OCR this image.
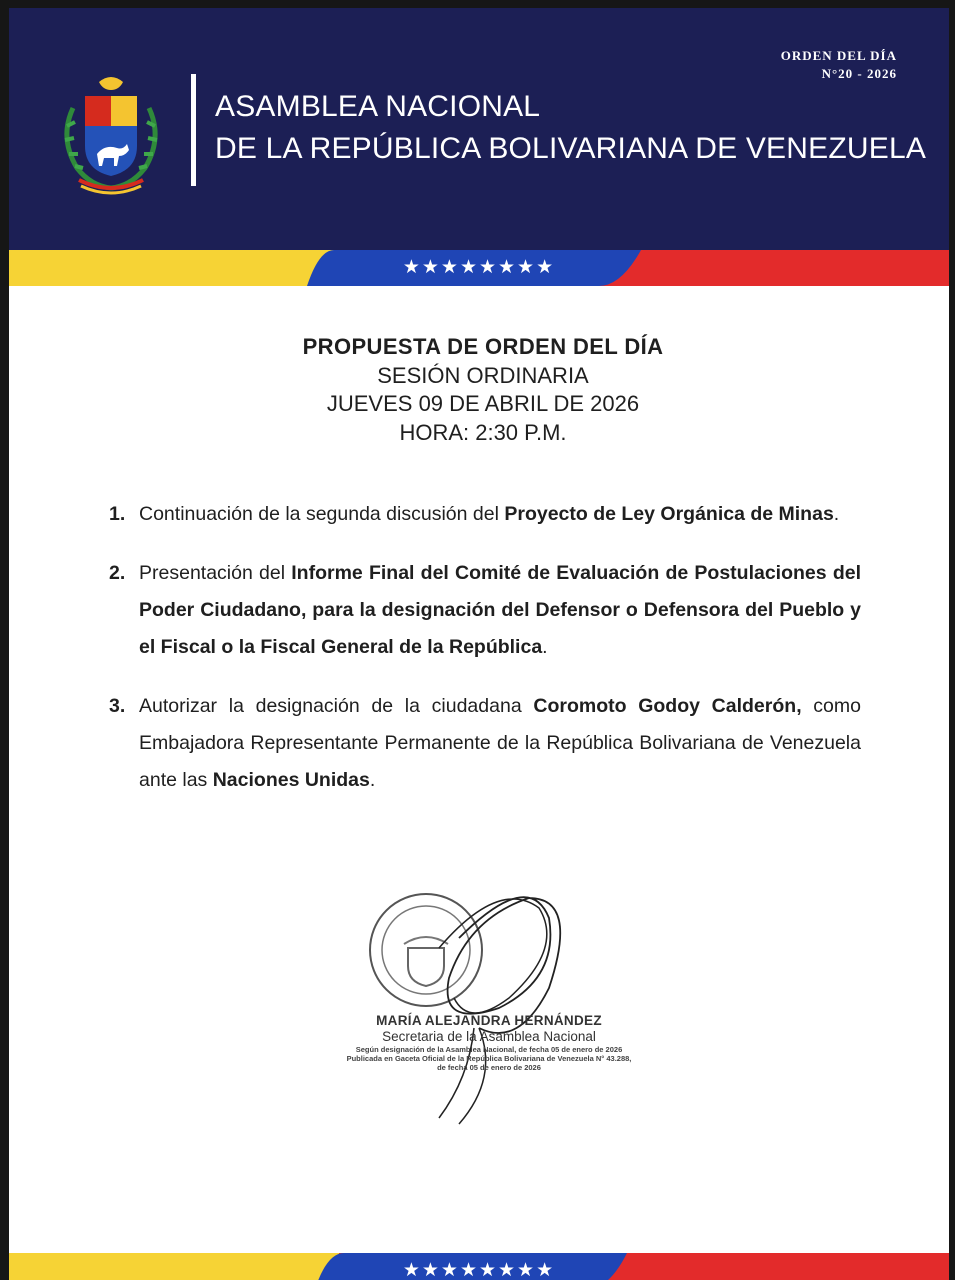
ASAMBLEA NACIONAL
DE LA REPÚBLICA BOLIVARIANA DE VENEZUELA
ORDEN DEL DÍA
N°20 - 2026
★★★★★★★★
PROPUESTA DE ORDEN DEL DÍA
SESIÓN ORDINARIA
JUEVES 09 DE ABRIL DE 2026
HORA: 2:30 P.M.
1. Continuación de la segunda discusión del Proyecto de Ley Orgánica de Minas.
2. Presentación del Informe Final del Comité de Evaluación de Postulaciones del Poder Ciudadano, para la designación del Defensor o Defensora del Pueblo y el Fiscal o la Fiscal General de la República.
3. Autorizar la designación de la ciudadana Coromoto Godoy Calderón, como Embajadora Representante Permanente de la República Bolivariana de Venezuela ante las Naciones Unidas.
MARÍA ALEJANDRA HERNÁNDEZ
Secretaria de la Asamblea Nacional
Según designación de la Asamblea Nacional, de fecha 05 de enero de 2026
Publicada en Gaceta Oficial de la República Bolivariana de Venezuela N° 43.288,
de fecha 05 de enero de 2026
★★★★★★★★
